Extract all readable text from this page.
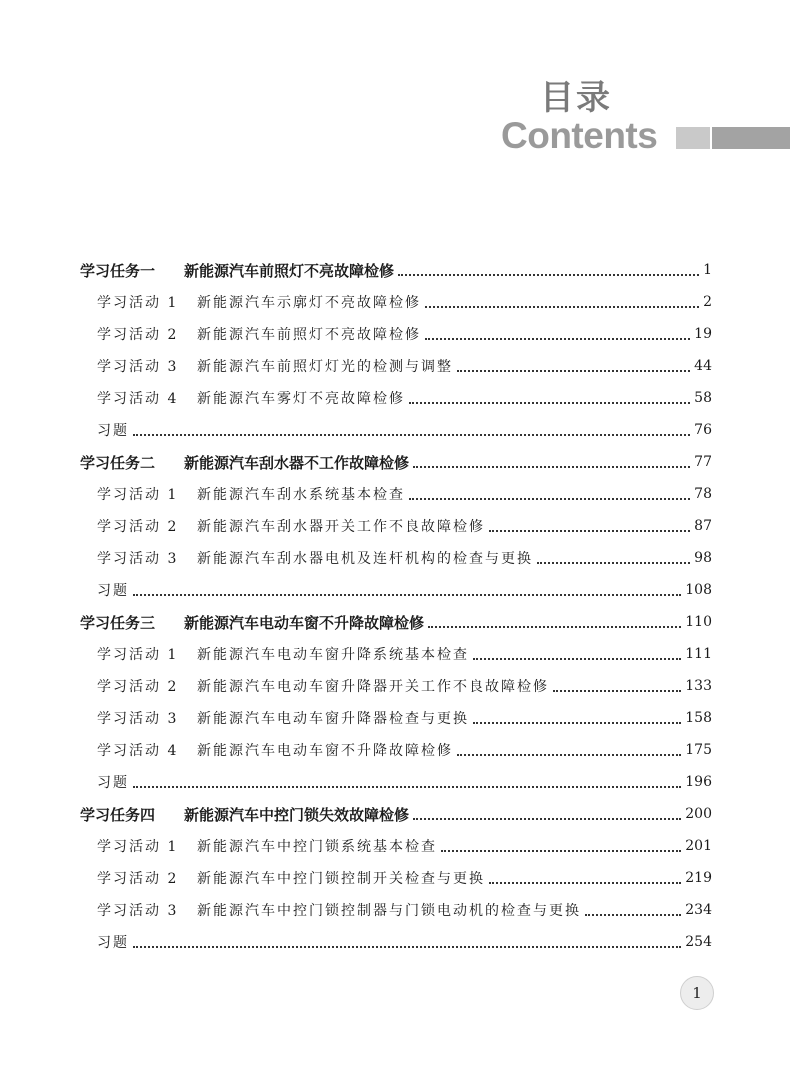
目录
Contents
学习任务一	新能源汽车前照灯不亮故障检修	1
学习活动 1	新能源汽车示廓灯不亮故障检修	2
学习活动 2	新能源汽车前照灯不亮故障检修	19
学习活动 3	新能源汽车前照灯灯光的检测与调整	44
学习活动 4	新能源汽车雾灯不亮故障检修	58
习题	76
学习任务二	新能源汽车刮水器不工作故障检修	77
学习活动 1	新能源汽车刮水系统基本检查	78
学习活动 2	新能源汽车刮水器开关工作不良故障检修	87
学习活动 3	新能源汽车刮水器电机及连杆机构的检查与更换	98
习题	108
学习任务三	新能源汽车电动车窗不升降故障检修	110
学习活动 1	新能源汽车电动车窗升降系统基本检查	111
学习活动 2	新能源汽车电动车窗升降器开关工作不良故障检修	133
学习活动 3	新能源汽车电动车窗升降器检查与更换	158
学习活动 4	新能源汽车电动车窗不升降故障检修	175
习题	196
学习任务四	新能源汽车中控门锁失效故障检修	200
学习活动 1	新能源汽车中控门锁系统基本检查	201
学习活动 2	新能源汽车中控门锁控制开关检查与更换	219
学习活动 3	新能源汽车中控门锁控制器与门锁电动机的检查与更换	234
习题	254
1
